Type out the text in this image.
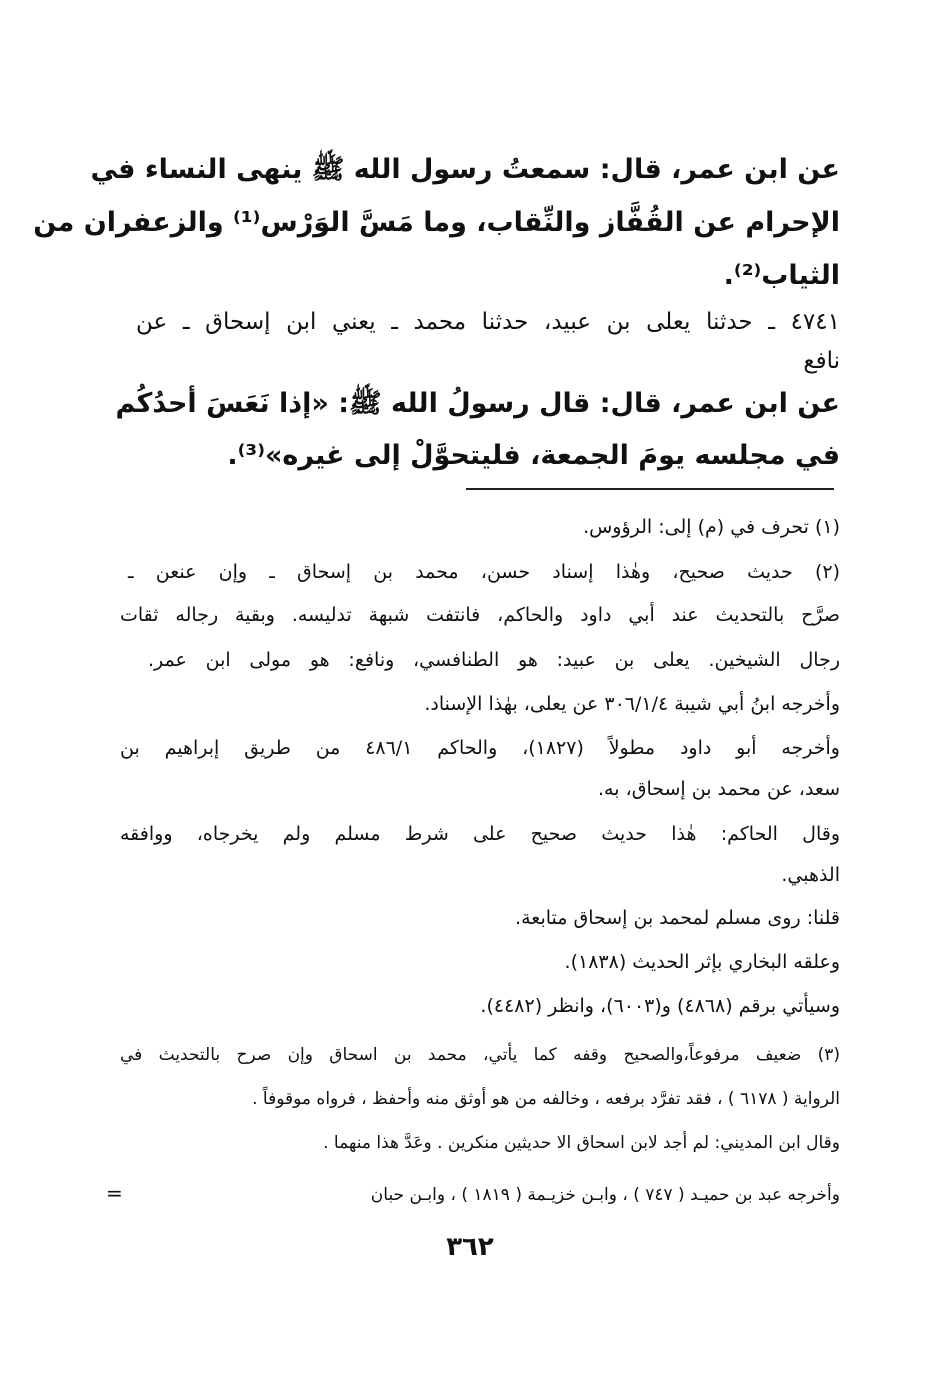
عن ابن عمر، قال: سمعتُ رسول الله ﷺ ينهى النساء في
الإحرام عن القُفَّاز والنِّقاب، وما مَسَّ الوَرْس⁽¹⁾ والزعفران من
الثياب⁽²⁾.
٤٧٤١ ـ حدثنا يعلى بن عبيد، حدثنا محمد ـ يعني ابن إسحاق ـ عن
نافع
عن ابن عمر، قال: قال رسولُ الله ﷺ: «إذا نَعَسَ أحدُكُم
في مجلسه يومَ الجمعة، فليتحوَّلْ إلى غيره»⁽³⁾.
(١) تحرف في (م) إلى: الرؤوس.
(٢) حديث صحيح، وهٰذا إسناد حسن، محمد بن إسحاق ـ وإن عنعن ـ
صرَّح بالتحديث عند أبي داود والحاكم، فانتفت شبهة تدليسه. وبقية رجاله ثقات
رجال الشيخين. يعلى بن عبيد: هو الطنافسي، ونافع: هو مولى ابن عمر.
وأخرجه ابنُ أبي شيبة ٣٠٦/١/٤ عن يعلى، بهٰذا الإسناد.
وأخرجه أبو داود مطولاً (١٨٢٧)، والحاكم ٤٨٦/١ من طريق إبراهيم بن
سعد، عن محمد بن إسحاق، به.
وقال الحاكم: هٰذا حديث صحيح على شرط مسلم ولم يخرجاه، ووافقه
الذهبي.
قلنا: روى مسلم لمحمد بن إسحاق متابعة.
وعلقه البخاري بإثر الحديث (١٨٣٨).
وسيأتي برقم (٤٨٦٨) و(٦٠٠٣)، وانظر (٤٤٨٢).
(٣) ضعيف مرفوعاً،والصحيح وقفه كما يأتي، محمد بن اسحاق وإن صرح بالتحديث في
الرواية ( ٦١٧٨ ) ، فقد تفرَّد برفعه ، وخالفه من هو أوثق منه وأحفظ ، فرواه موقوفاً .
وقال ابن المديني: لم أجد لابن اسحاق الا حديثين منكرين . وعَدَّ هذا منهما .
وأخرجه عبد بن حميـد ( ٧٤٧ ) ، وابـن خزيـمة ( ١٨١٩ ) ، وابـن حبان
=
٣٦٢
